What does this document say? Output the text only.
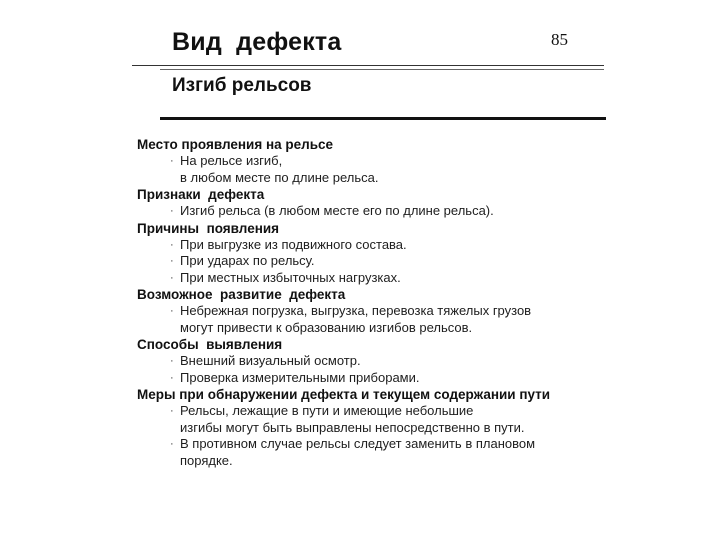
85
Вид  дефекта
Изгиб рельсов
Место проявления на рельсе
· На рельсе изгиб,
в любом месте по длине рельса.
Признаки  дефекта
· Изгиб рельса (в любом месте его по длине рельса).
Причины  появления
· При выгрузке из подвижного состава.
· При ударах по рельсу.
· При местных избыточных нагрузках.
Возможное  развитие  дефекта
· Небрежная погрузка, выгрузка, перевозка тяжелых грузов
могут привести к образованию изгибов рельсов.
Способы  выявления
· Внешний визуальный осмотр.
· Проверка измерительными приборами.
Меры при обнаружении дефекта и текущем содержании пути
· Рельсы, лежащие в пути и имеющие небольшие
изгибы могут быть выправлены непосредственно в пути.
· В противном случае рельсы следует заменить в плановом
порядке.
